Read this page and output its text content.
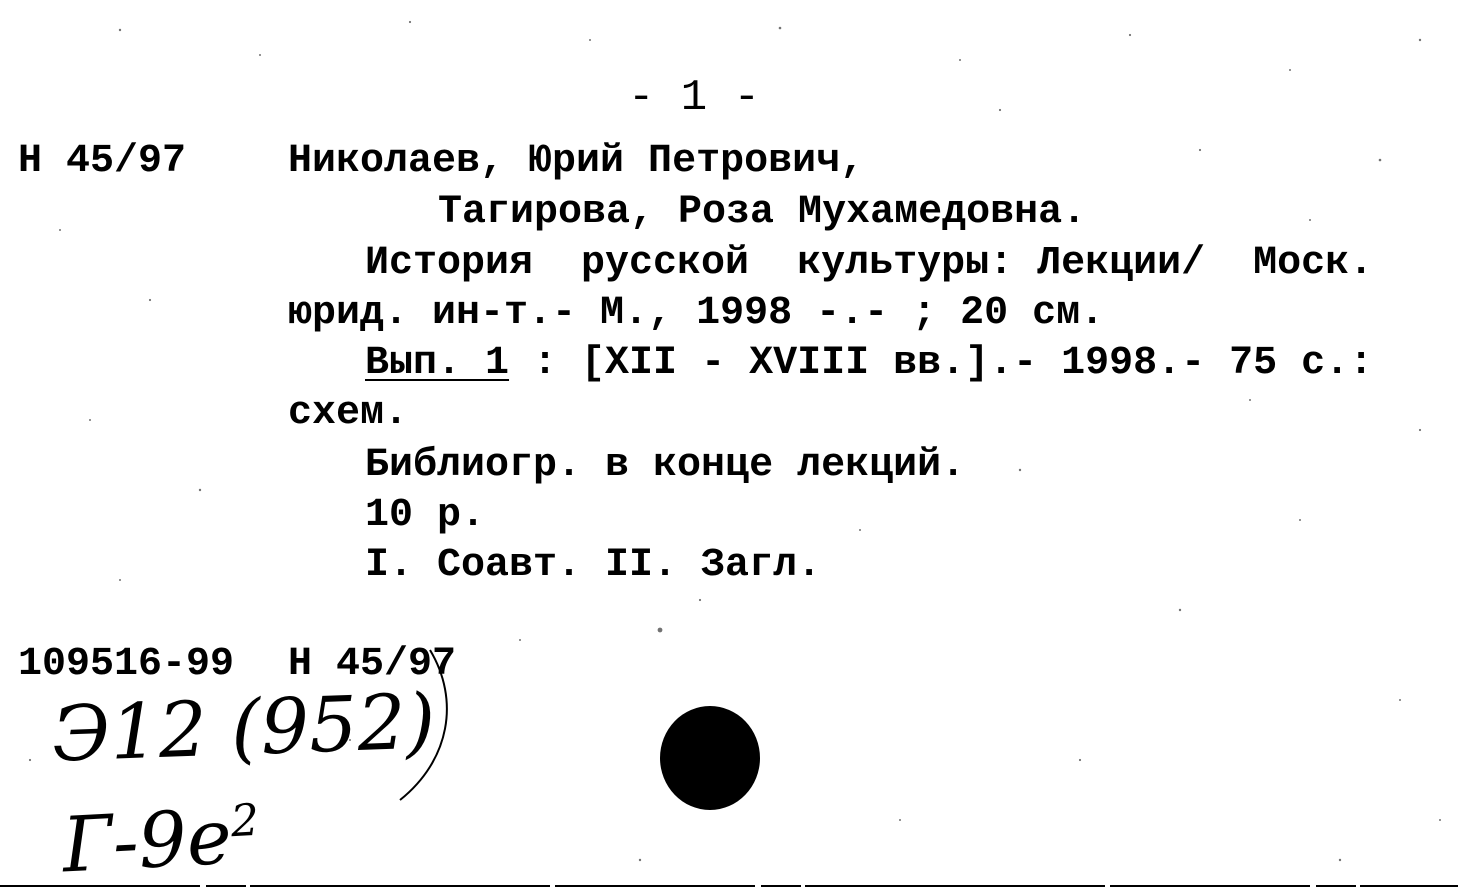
- 1 -
Н 45/97	Николаев, Юрий Петрович,
Тагирова, Роза Мухамедовна.
История  русской  культуры: Лекции/  Моск.
юрид. ин-т.- М., 1998 -.- ; 20 см.
Вып. 1 : [XII - XVIII вв.].- 1998.- 75 с.:
схем.
Библиогр. в конце лекций.
10 р.
I. Соавт. II. Загл.
109516-99 Н 45/97
Э12 (952)
$Г-9е^2$
